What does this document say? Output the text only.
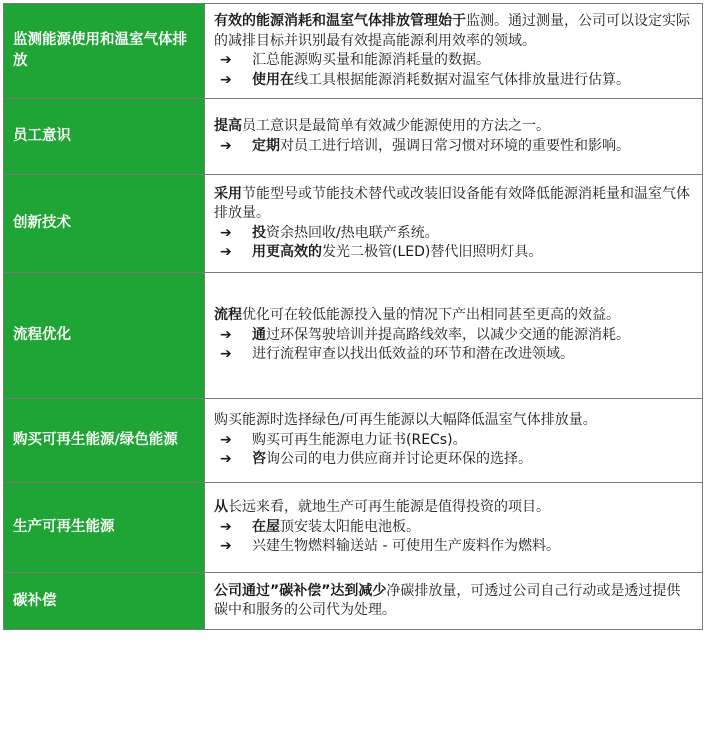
监测能源使用和温室气体排放	有效的能源消耗和温室气体排放管理始于监测。通过测量，公司可以设定实际的减排目标并识别最有效提高能源利用效率的领域。

➔ 汇总能源购买量和能源消耗量的数据。
➔ 使用在线工具根据能源消耗数据对温室气体排放量进行估算。

员工意识	提高员工意识是最简单有效减少能源使用的方法之一。

➔ 定期对员工进行培训，强调日常习惯对环境的重要性和影响。

创新技术	采用节能型号或节能技术替代或改装旧设备能有效降低能源消耗量和温室气体排放量。

➔ 投资余热回收/热电联产系统。
➔ 用更高效的发光二极管(LED)替代旧照明灯具。

流程优化	流程优化可在较低能源投入量的情况下产出相同甚至更高的效益。

➔ 通过环保驾驶培训并提高路线效率，以减少交通的能源消耗。
➔ 进行流程审查以找出低效益的环节和潜在改进领域。

购买可再生能源/绿色能源	购买能源时选择绿色/可再生能源以大幅降低温室气体排放量。

➔ 购买可再生能源电力证书(RECs)。
➔ 咨询公司的电力供应商并讨论更环保的选择。

生产可再生能源	从长远来看，就地生产可再生能源是值得投资的项目。

➔ 在屋顶安装太阳能电池板。
➔ 兴建生物燃料输送站 - 可使用生产废料作为燃料。

碳补偿	公司通过”碳补偿”达到减少净碳排放量，可透过公司自己行动或是透过提供碳中和服务的公司代为处理。
